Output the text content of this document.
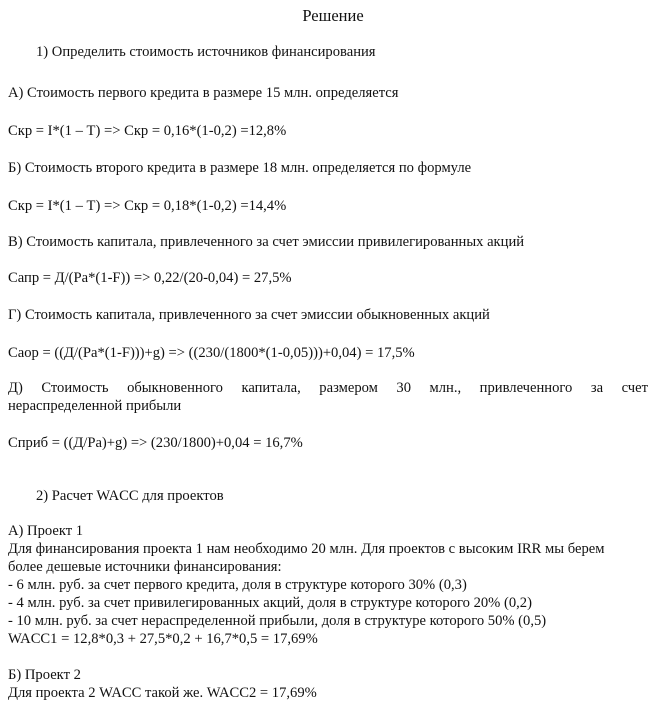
Решение
1) Определить стоимость источников финансирования
А) Стоимость первого кредита в размере 15 млн. определяется
Скр = I*(1 – Т) => Скр = 0,16*(1-0,2) =12,8%
Б) Стоимость второго кредита в размере 18 млн. определяется по формуле
Скр = I*(1 – Т) => Скр = 0,18*(1-0,2) =14,4%
В) Стоимость капитала, привлеченного за счет эмиссии привилегированных акций
Сапр = Д/(Ра*(1-F)) => 0,22/(20-0,04) = 27,5%
Г) Стоимость капитала, привлеченного за счет эмиссии обыкновенных акций
Саор = ((Д/(Ра*(1-F)))+g) => ((230/(1800*(1-0,05)))+0,04) = 17,5%
Д) Стоимость обыкновенного капитала, размером 30 млн., привлеченного за счет
нераспределенной прибыли
Сприб = ((Д/Ра)+g) => (230/1800)+0,04 = 16,7%
2) Расчет WACC для проектов
А) Проект 1
Для финансирования проекта 1 нам необходимо 20 млн. Для проектов с высоким IRR мы берем
более дешевые источники финансирования:
- 6 млн. руб. за счет первого кредита, доля в структуре которого 30% (0,3)
- 4 млн. руб. за счет привилегированных акций, доля в структуре которого 20% (0,2)
- 10 млн. руб. за счет нераспределенной прибыли, доля в структуре которого 50% (0,5)
WACC1 = 12,8*0,3 + 27,5*0,2 + 16,7*0,5 = 17,69%
Б) Проект 2
Для проекта 2 WACC такой же. WACC2 = 17,69%
